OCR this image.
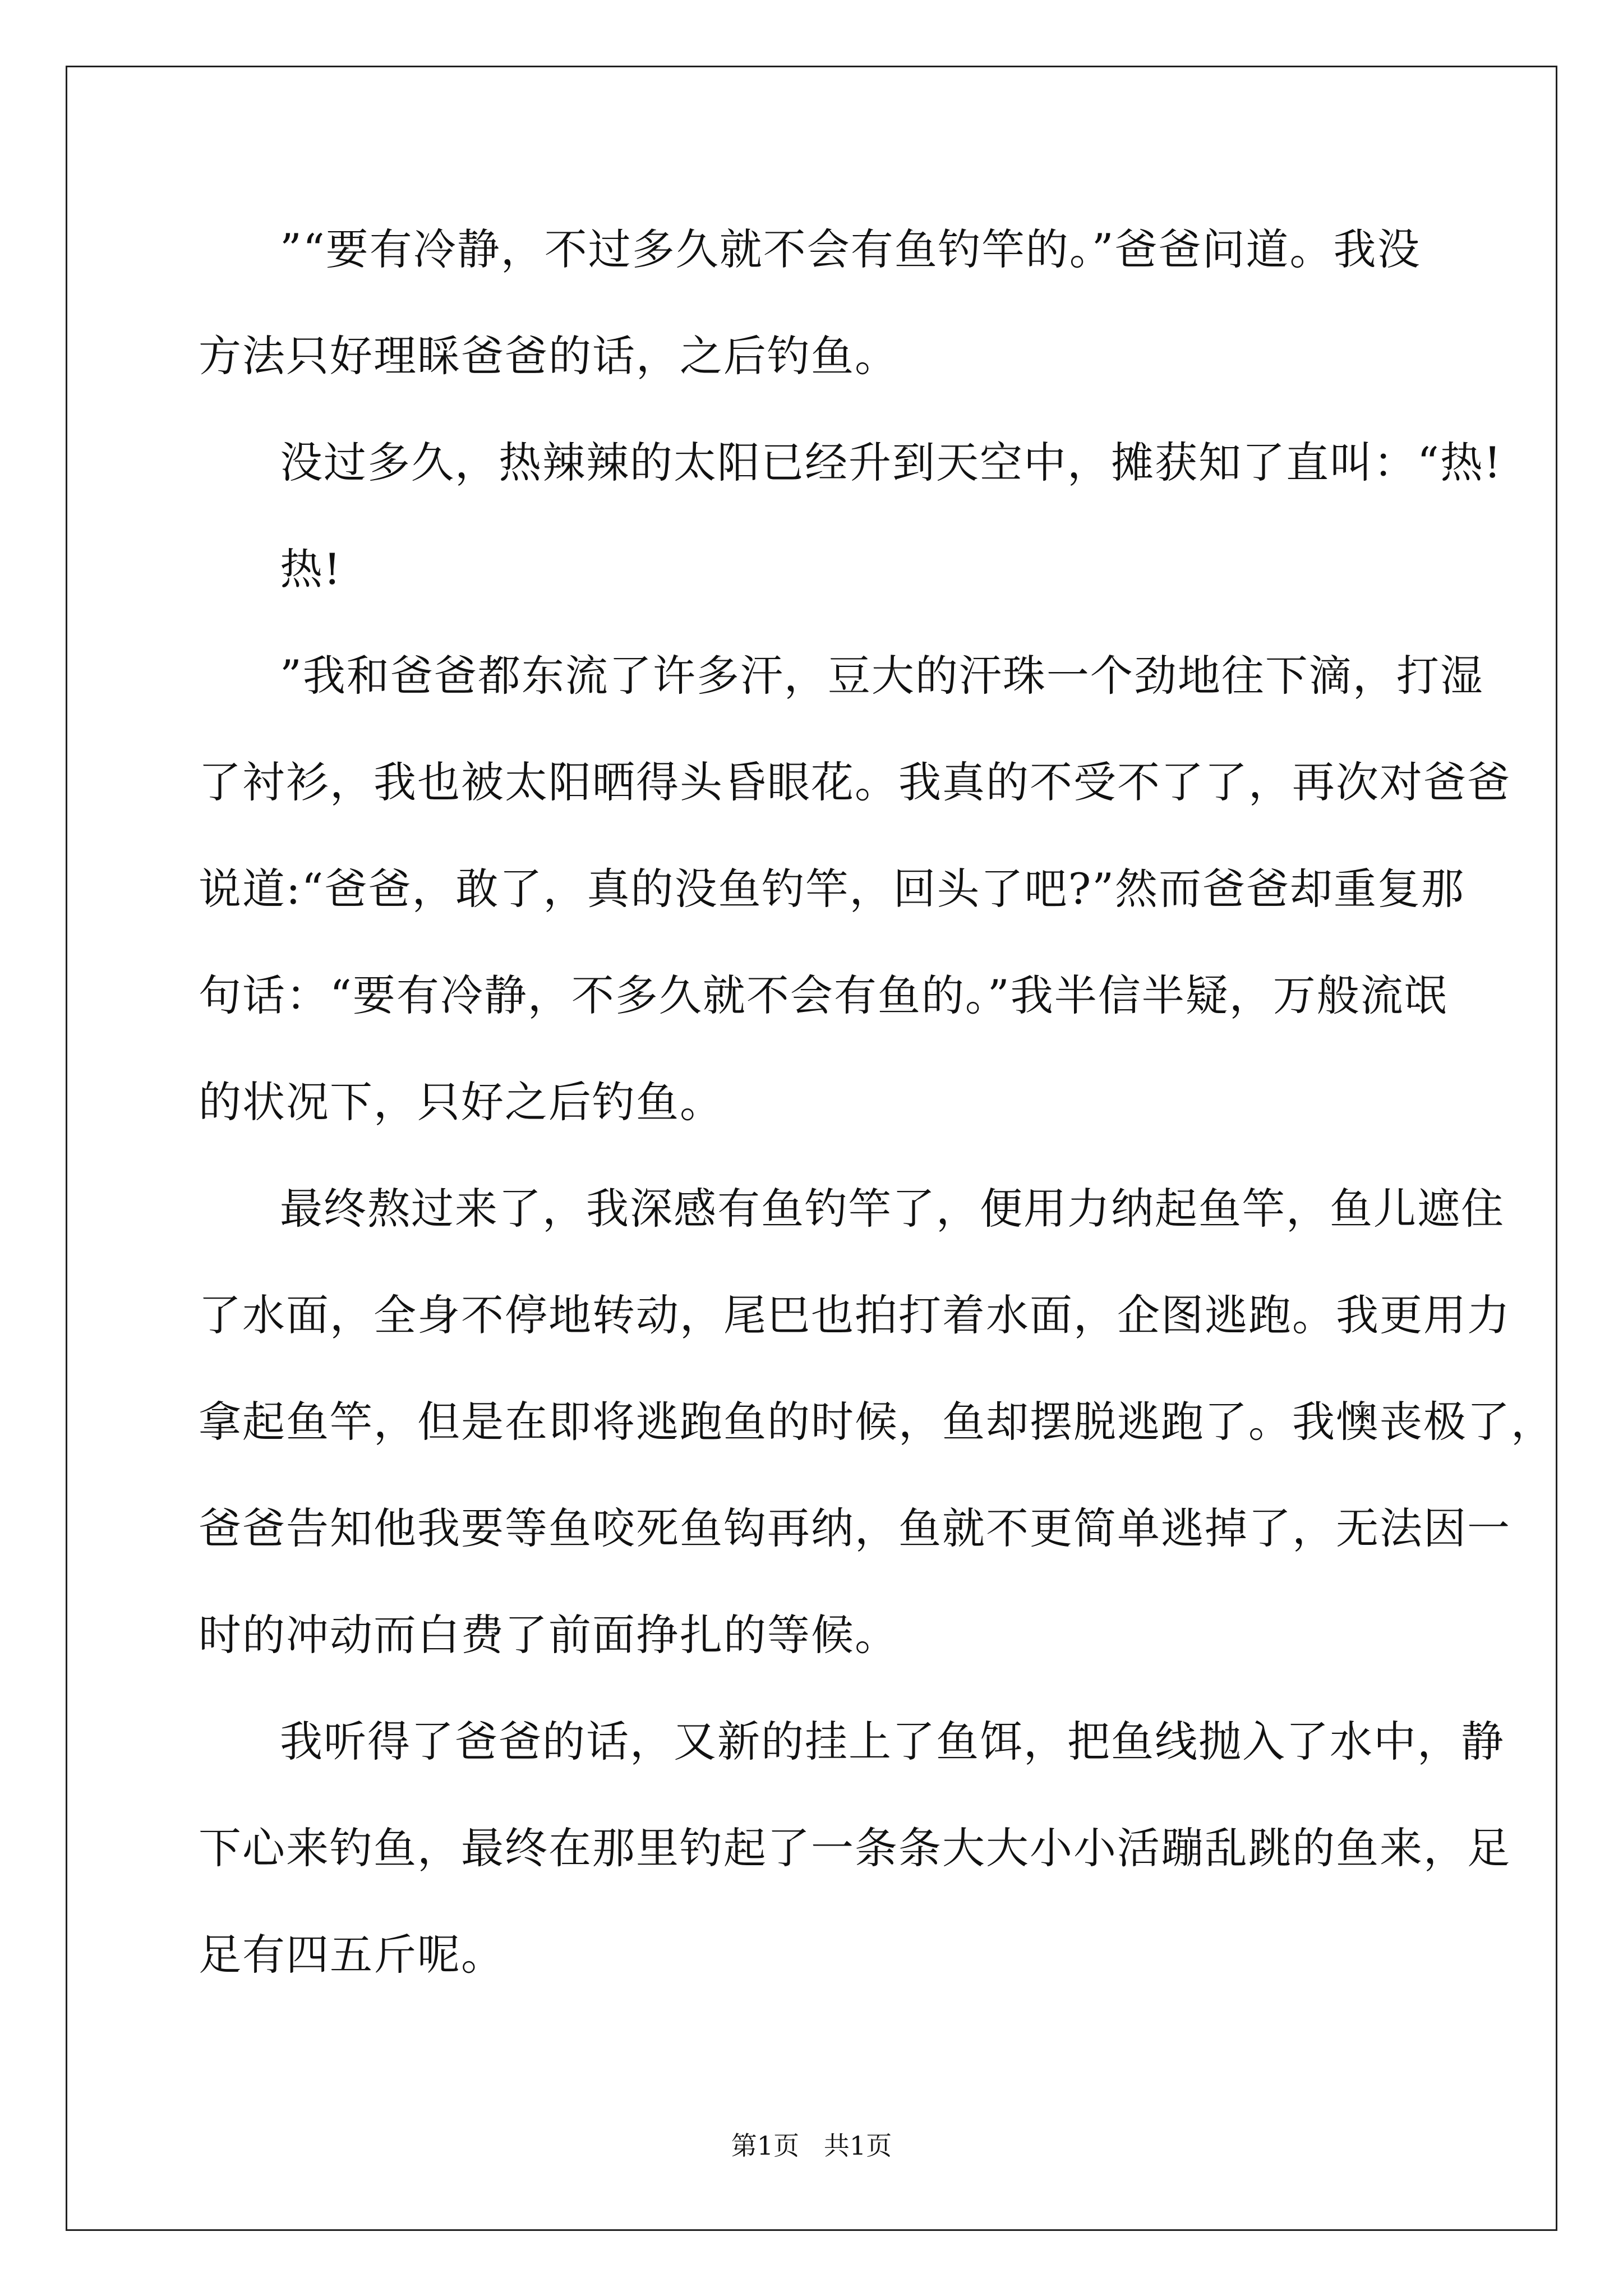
”“要有冷静，不过多久就不会有鱼钓竿的。”爸爸问道。我没
方法只好理睬爸爸的话，之后钓鱼。
没过多久，热辣辣的太阳已经升到天空中，摊获知了直叫：“热!
热!
”我和爸爸都东流了许多汗，豆大的汗珠一个劲地往下滴，打湿
了衬衫，我也被太阳晒得头昏眼花。我真的不受不了了，再次对爸爸
说道:“爸爸，敢了，真的没鱼钓竿，回头了吧?”然而爸爸却重复那
句话：“要有冷静，不多久就不会有鱼的。”我半信半疑，万般流氓
的状况下，只好之后钓鱼。
最终熬过来了，我深感有鱼钓竿了，便用力纳起鱼竿，鱼儿遮住
了水面，全身不停地转动，尾巴也拍打着水面，企图逃跑。我更用力
拿起鱼竿，但是在即将逃跑鱼的时候，鱼却摆脱逃跑了。我懊丧极了，
爸爸告知他我要等鱼咬死鱼钩再纳，鱼就不更简单逃掉了，无法因一
时的冲动而白费了前面挣扎的等候。
我听得了爸爸的话，又新的挂上了鱼饵，把鱼线抛入了水中，静
下心来钓鱼，最终在那里钓起了一条条大大小小活蹦乱跳的鱼来，足
足有四五斤呢。
第1页   共1页
